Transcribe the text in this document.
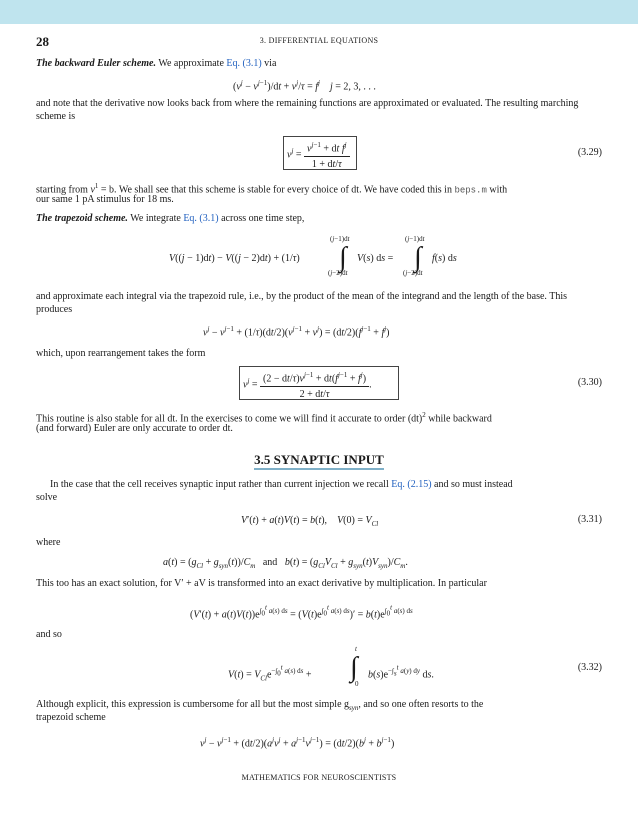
28	3. DIFFERENTIAL EQUATIONS
The backward Euler scheme. We approximate Eq. (3.1) via
$(v^j - v^{j-1})/dt + v^j/\tau = f^j$ j = 2, 3, . . .
and note that the derivative now looks back from where the remaining functions are approximated or evaluated. The resulting marching scheme is
$v^j = \frac{v^{j-1} + dt f^j}{1 + dt/\tau}$	(3.29)
starting from $v^1 = b$. We shall see that this scheme is stable for every choice of dt. We have coded this in beps.m with
our same 1 pA stimulus for 18 ms.
The trapezoid scheme. We integrate Eq. (3.1) across one time step,
V((j − 1)dt) − V((j − 2)dt) + (1/τ)
(j−1)dt
∫
(j−2)dt
V(s) ds =
(j−1)dt
∫
(j−2)dt
f(s) ds
and approximate each integral via the trapezoid rule, i.e., by the product of the mean of the integrand and the length of the base. This produces
$v^j - v^{j-1} + (1/\tau)(dt/2)(v^{j-1} + v^j) = (dt/2)(f^{j-1} + f^j)$
which, upon rearrangement takes the form
$v^j = \frac{(2 - dt/\tau)v^{j-1} + dt(f^{j-1} + f^j)}{2 + dt/\tau}$ .	(3.30)
This routine is also stable for all dt. In the exercises to come we will find it accurate to order (dt)$^2$ while backward
(and forward) Euler are only accurate to order dt.
3.5 SYNAPTIC INPUT
In the case that the cell receives synaptic input rather than current injection we recall Eq. (2.15) and so must instead
solve
V′(t) + a(t)V(t) = b(t),    $V(0) = V_{Cl}$	(3.31)
where
$a(t) = (g_{Cl} + g_{syn}(t))/C_m$ and $b(t) = (g_{Cl}V_{Cl} + g_{syn}(t)V_{syn})/C_m$.
This too has an exact solution, for V′ + aV is transformed into an exact derivative by multiplication. In particular
$(V'(t) + a(t)V(t))e^{\int_0^t a(s) ds} = (V(t)e^{\int_0^t a(s) ds})' = b(t)e^{\int_0^t a(s) ds}$
and so
$V(t) = V_{Cl}e^{-\int_0^t a(s) ds}$ +
t
∫
0
$b(s)e^{-\int_s^t a(y) dy}$ ds.
(3.32)
Although explicit, this expression is cumbersome for all but the most simple $g_{syn}$, and so one often resorts to the
trapezoid scheme
$v^j - v^{j-1} + (dt/2)(a^jv^j + a^{j-1}v^{j-1}) = (dt/2)(b^j + b^{j-1})$
MATHEMATICS FOR NEUROSCIENTISTS
